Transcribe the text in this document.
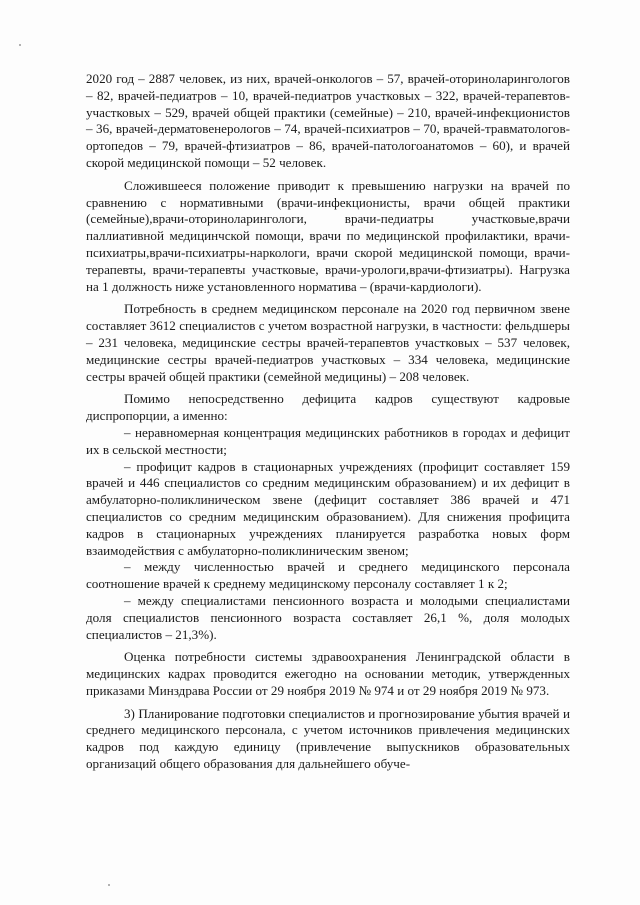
2020 год – 2887 человек, из них, врачей-онкологов – 57, врачей-оториноларингологов – 82, врачей-педиатров – 10, врачей-педиатров участковых – 322, врачей-терапевтов-участковых – 529, врачей общей практики (семейные) – 210, врачей-инфекционистов – 36, врачей-дерматовенерологов – 74, врачей-психиатров – 70, врачей-травматологов-ортопедов – 79, врачей-фтизиатров – 86, врачей-патологоанатомов – 60), и врачей скорой медицинской помощи – 52 человек.

Сложившееся положение приводит к превышению нагрузки на врачей по сравнению с нормативными (врачи-инфекционисты, врачи общей практики (семейные),врачи-оториноларингологи, врачи-педиатры участковые,врачи паллиативной медицинчской помощи, врачи по медицинской профилактики, врачи-психиатры,врачи-психиатры-наркологи, врачи скорой медицинской помощи, врачи-терапевты, врачи-терапевты участковые, врачи-урологи,врачи-фтизиатры). Нагрузка на 1 должность ниже установленного норматива – (врачи-кардиологи).

Потребность в среднем медицинском персонале на 2020 год первичном звене составляет 3612 специалистов с учетом возрастной нагрузки, в частности: фельдшеры – 231 человека, медицинские сестры врачей-терапевтов участковых – 537 человек, медицинские сестры врачей-педиатров участковых – 334 человека, медицинские сестры врачей общей практики (семейной медицины) – 208 человек.

Помимо непосредственно дефицита кадров существуют кадровые диспропорции, а именно:

– неравномерная концентрация медицинских работников в городах и дефицит их в сельской местности;

– профицит кадров в стационарных учреждениях (профицит составляет 159 врачей и 446 специалистов со средним медицинским образованием) и их дефицит в амбулаторно-поликлиническом звене (дефицит составляет 386 врачей и 471 специалистов со средним медицинским образованием). Для снижения профицита кадров в стационарных учреждениях планируется разработка новых форм взаимодействия с амбулаторно-поликлиническим звеном;

– между численностью врачей и среднего медицинского персонала соотношение врачей к среднему медицинскому персоналу составляет 1 к 2;

– между специалистами пенсионного возраста и молодыми специалистами доля специалистов пенсионного возраста составляет 26,1 %, доля молодых специалистов – 21,3%).

Оценка потребности системы здравоохранения Ленинградской области в медицинских кадрах проводится ежегодно на основании методик, утвержденных приказами Минздрава России от 29 ноября 2019 № 974 и от 29 ноября 2019 № 973.

3) Планирование подготовки специалистов и прогнозирование убытия врачей и среднего медицинского персонала, с учетом источников привлечения медицинских кадров под каждую единицу (привлечение выпускников образовательных организаций общего образования для дальнейшего обуче-
